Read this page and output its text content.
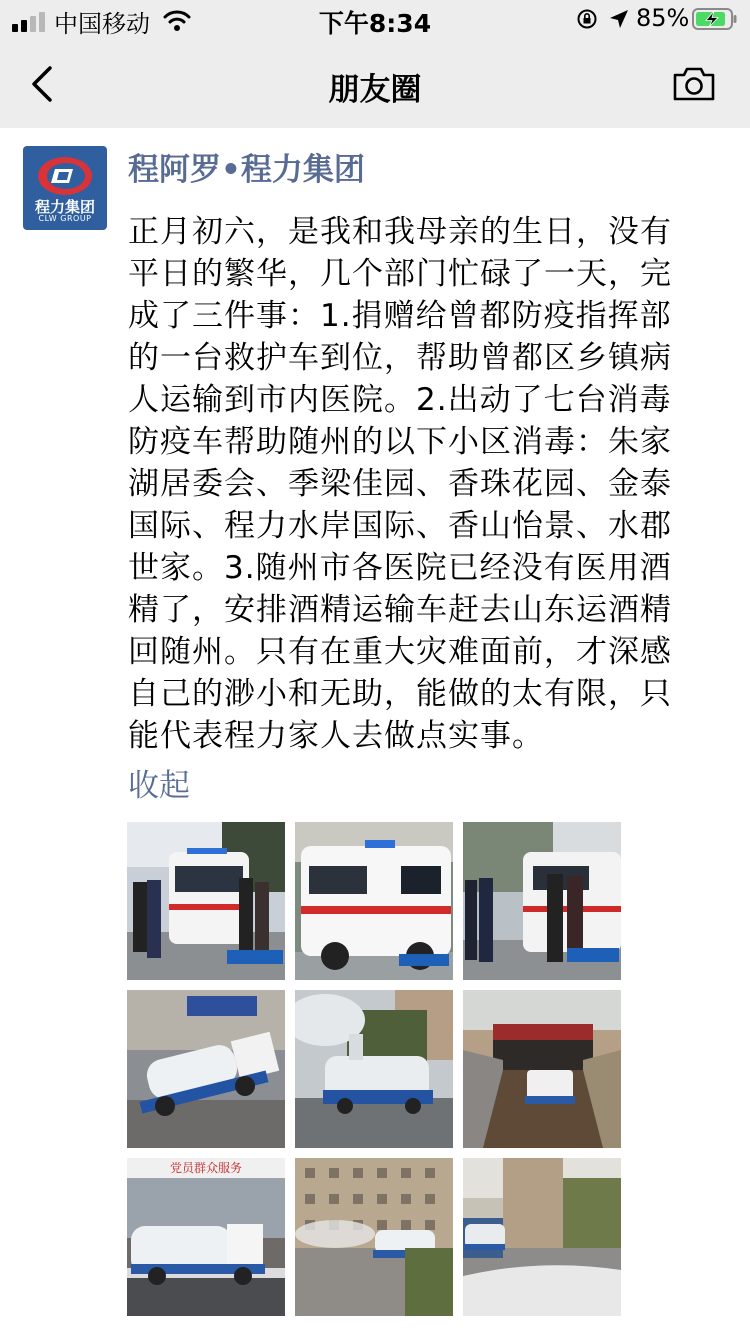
中国移动	下午8:34	85%
朋友圈
程力集团
CLW GROUP
程阿罗•程力集团
正月初六，是我和我母亲的生日，没有
平日的繁华，几个部门忙碌了一天，完
成了三件事：1.捐赠给曾都防疫指挥部
的一台救护车到位，帮助曾都区乡镇病
人运输到市内医院。2.出动了七台消毒
防疫车帮助随州的以下小区消毒：朱家
湖居委会、季梁佳园、香珠花园、金泰
国际、程力水岸国际、香山怡景、水郡
世家。3.随州市各医院已经没有医用酒
精了，安排酒精运输车赶去山东运酒精
回随州。只有在重大灾难面前，才深感
自己的渺小和无助，能做的太有限，只
能代表程力家人去做点实事。
收起
党员群众服务
